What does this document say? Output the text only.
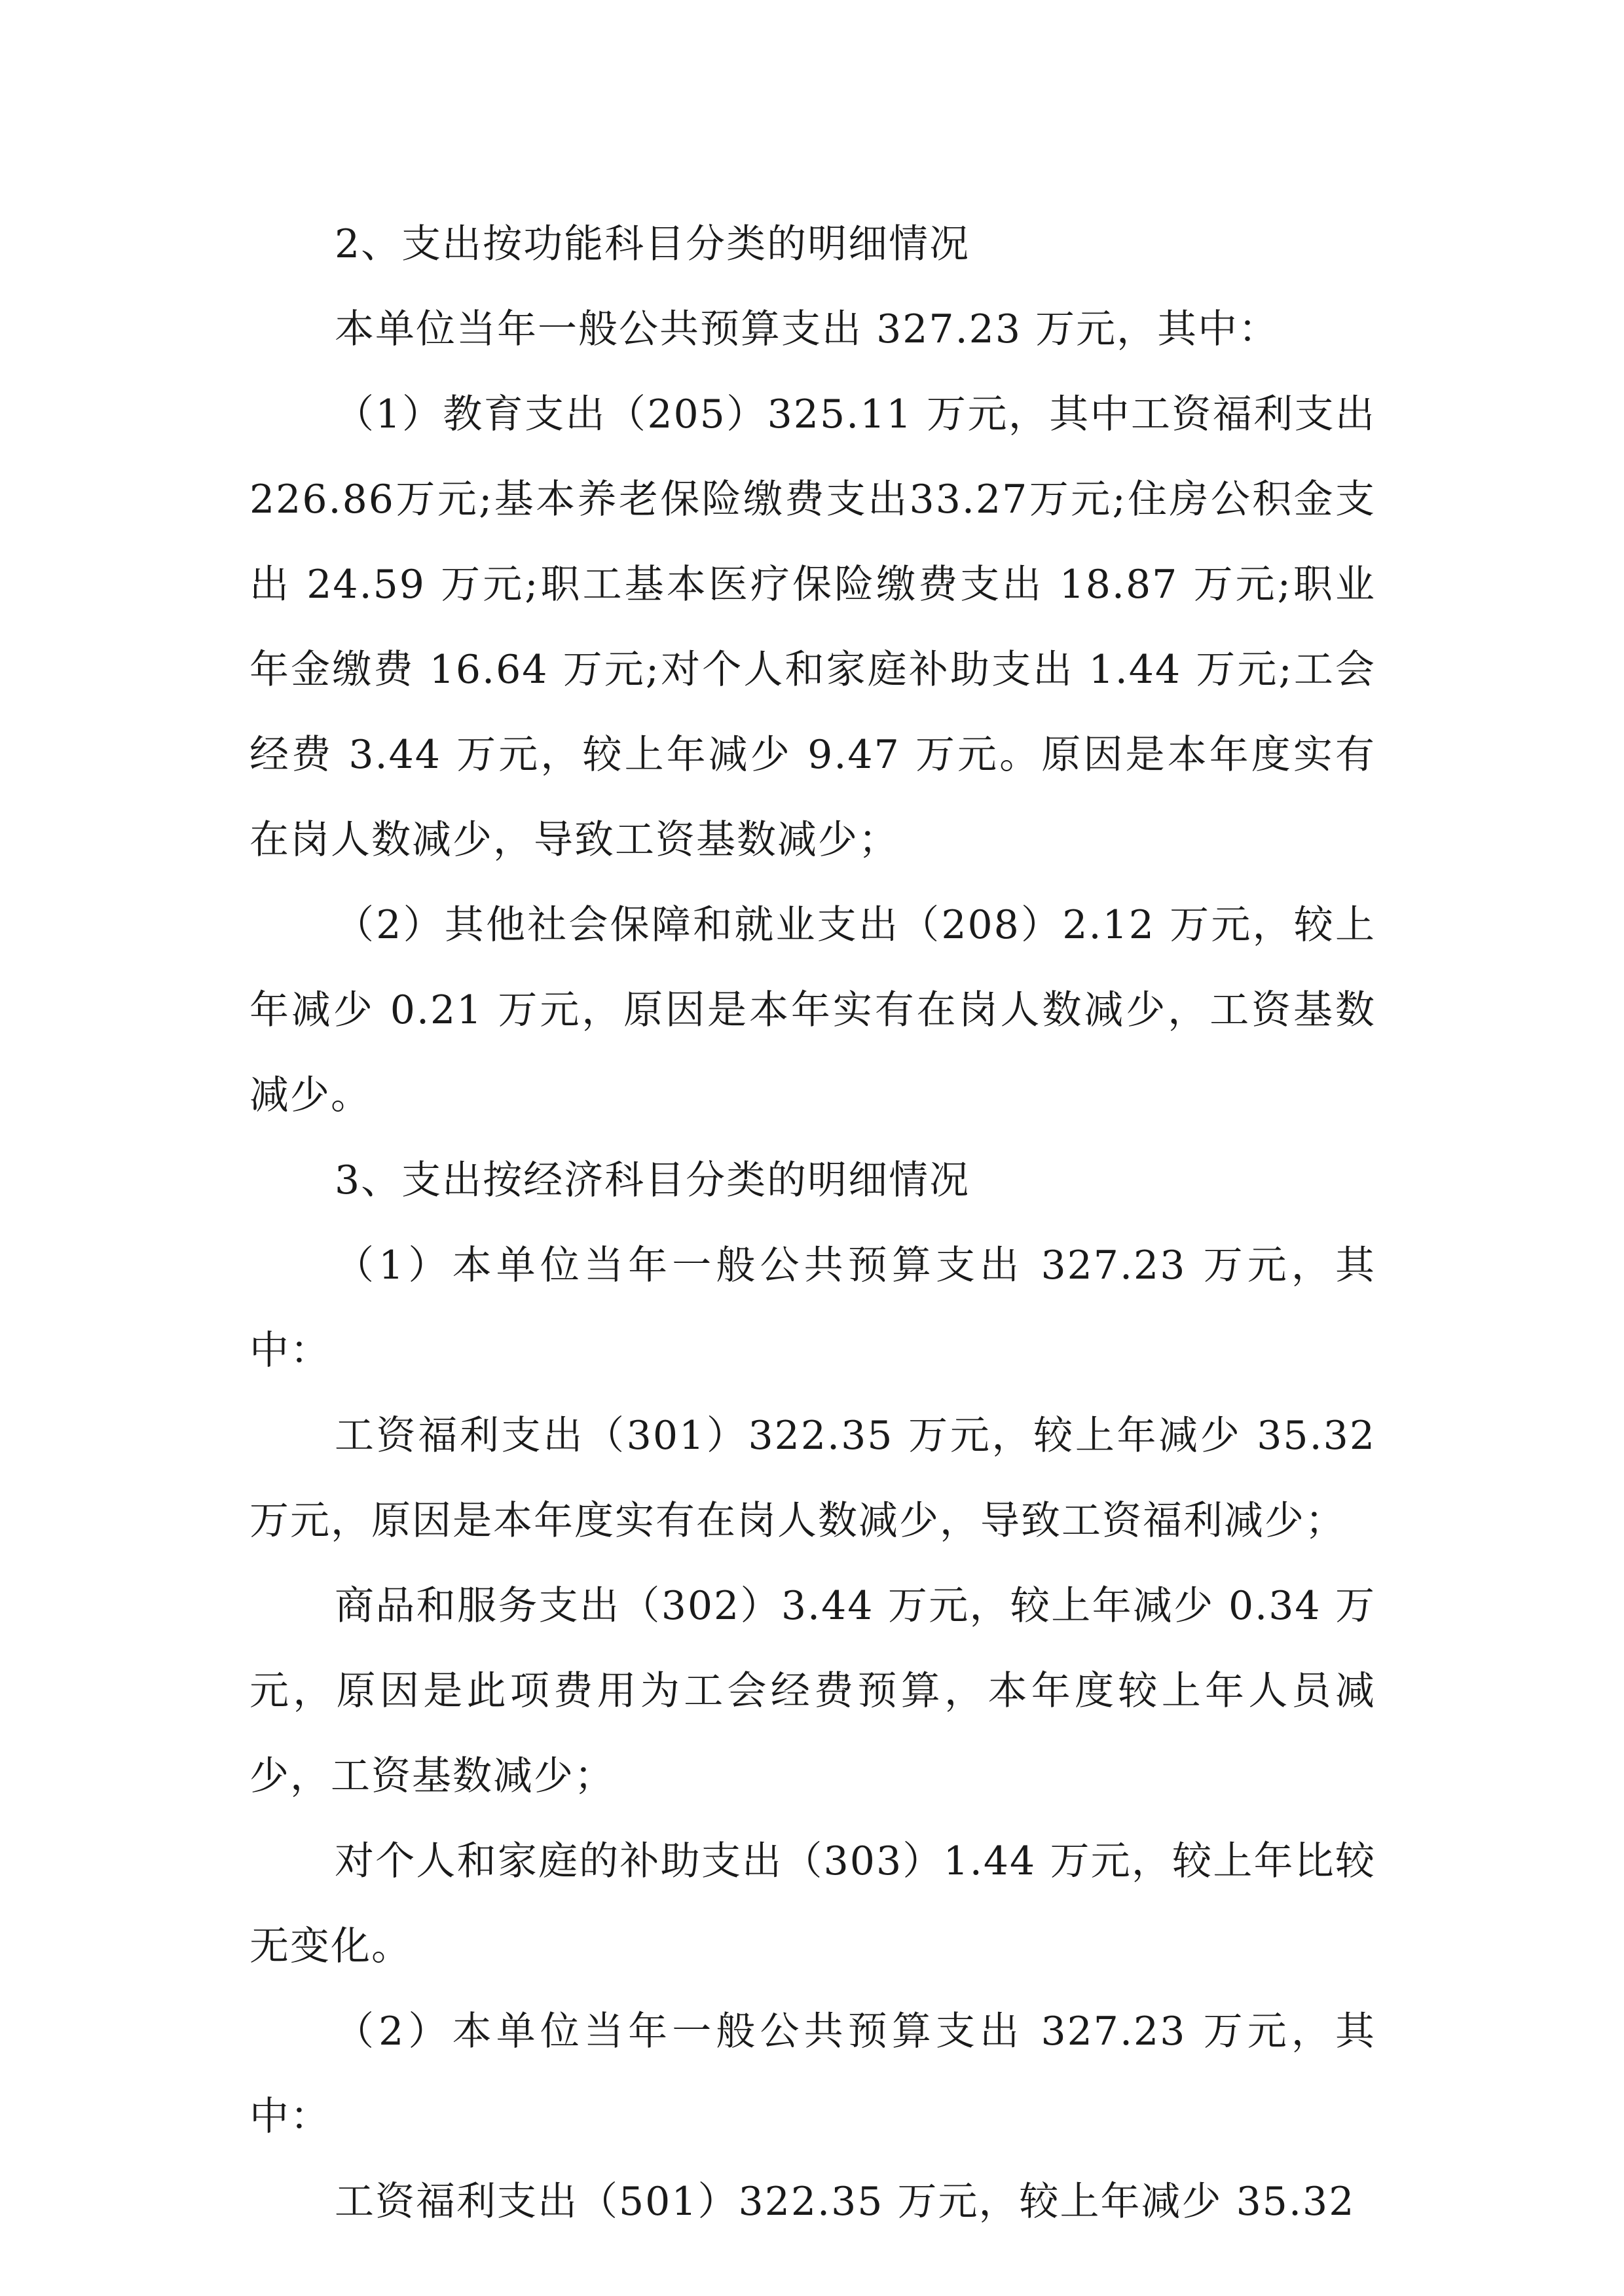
2、支出按功能科目分类的明细情况

本单位当年一般公共预算支出 327.23 万元，其中：

（1）教育支出（205）325.11 万元，其中工资福利支出 226.86万元;基本养老保险缴费支出33.27万元;住房公积金支出 24.59 万元;职工基本医疗保险缴费支出 18.87 万元;职业年金缴费 16.64 万元;对个人和家庭补助支出 1.44 万元;工会经费 3.44 万元，较上年减少 9.47 万元。原因是本年度实有在岗人数减少，导致工资基数减少；

（2）其他社会保障和就业支出（208）2.12 万元，较上年减少 0.21 万元，原因是本年实有在岗人数减少，工资基数减少。

3、支出按经济科目分类的明细情况

（1）本单位当年一般公共预算支出 327.23 万元，其中：

工资福利支出（301）322.35 万元，较上年减少 35.32 万元，原因是本年度实有在岗人数减少，导致工资福利减少；

商品和服务支出（302）3.44 万元，较上年减少 0.34 万元，原因是此项费用为工会经费预算，本年度较上年人员减少，工资基数减少；

对个人和家庭的补助支出（303）1.44 万元，较上年比较无变化。

（2）本单位当年一般公共预算支出 327.23 万元，其中：

工资福利支出（501）322.35 万元，较上年减少 35.32
